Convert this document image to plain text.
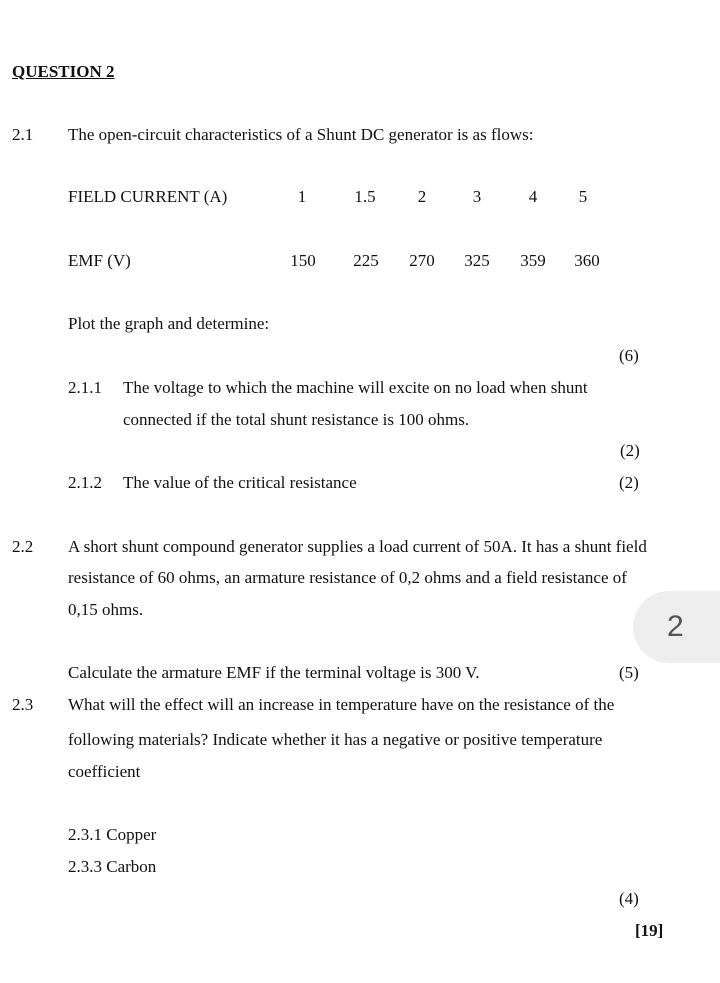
QUESTION 2
2.1 The open-circuit characteristics of a Shunt DC generator is as flows:
FIELD CURRENT (A)	1	1.5	2	3	4	5
EMF (V)	150	225	270	325	359	360
Plot the graph and determine:
(6)
2.1.1 The voltage to which the machine will excite on no load when shunt
connected if the total shunt resistance is 100 ohms.
(2)
2.1.2 The value of the critical resistance	(2)
2.2 A short shunt compound generator supplies a load current of 50A. It has a shunt field
resistance of 60 ohms, an armature resistance of 0,2 ohms and a field resistance of
0,15 ohms.
2
Calculate the armature EMF if the terminal voltage is 300 V.	(5)
2.3 What will the effect will an increase in temperature have on the resistance of the
following materials? Indicate whether it has a negative or positive temperature
coefficient
2.3.1 Copper
2.3.3 Carbon
(4)
[19]
